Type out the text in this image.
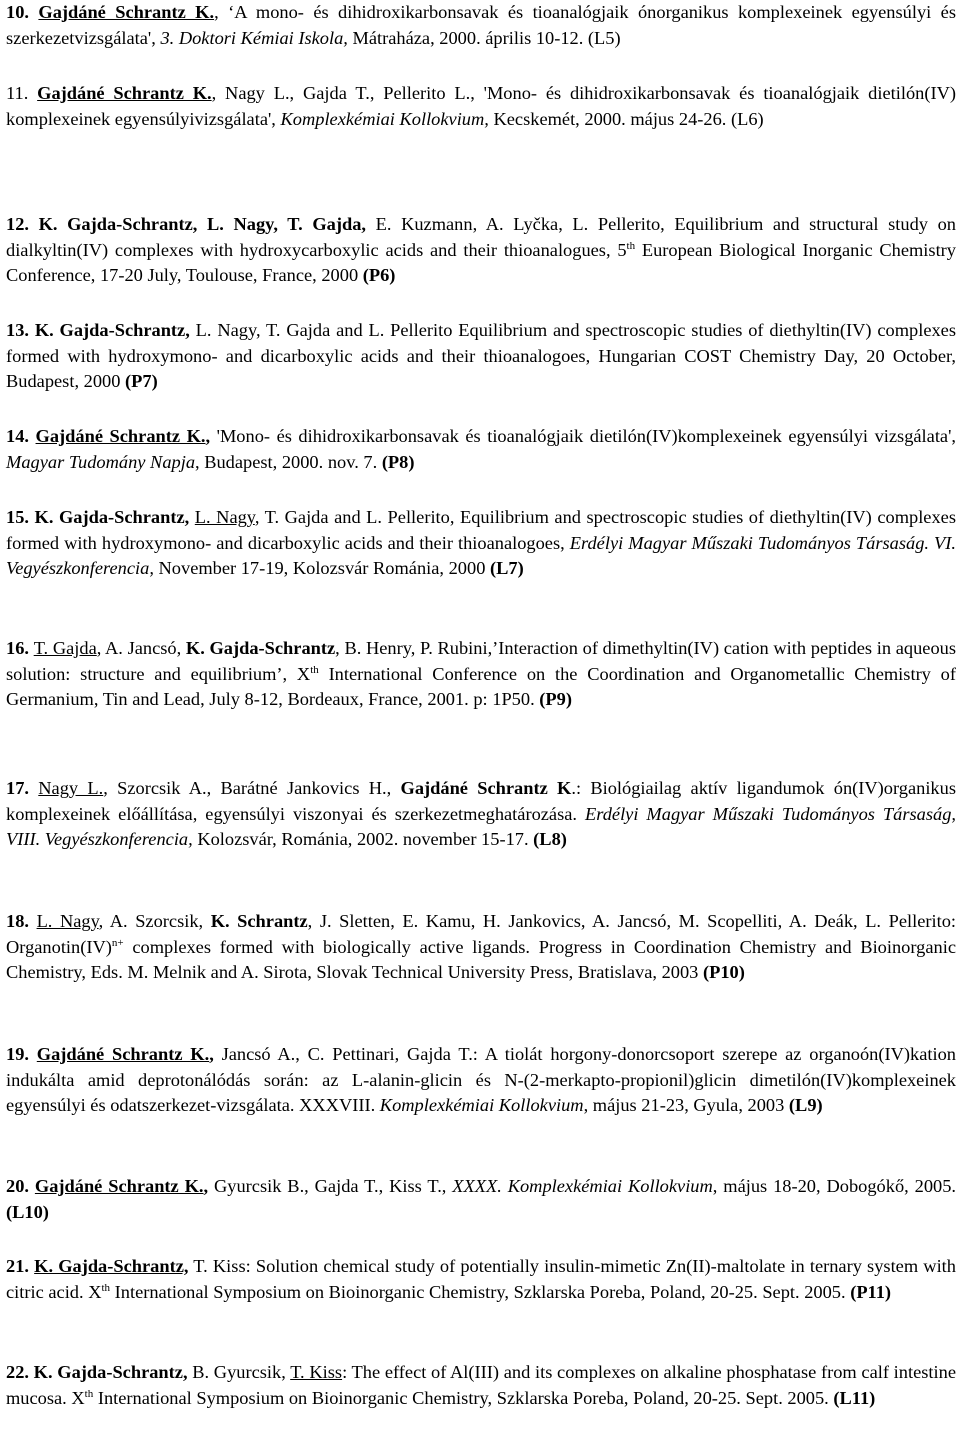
10. Gajdáné Schrantz K., ‘A mono- és dihidroxikarbonsavak és tioanalógjaik ónorganikus komplexeinek egyensúlyi és szerkezetvizsgálata', 3. Doktori Kémiai Iskola, Mátraháza, 2000. április 10-12. (L5)
11. Gajdáné Schrantz K., Nagy L., Gajda T., Pellerito L., 'Mono- és dihidroxikarbonsavak és tioanalógjaik dietilón(IV) komplexeinek egyensúlyivizsgálata', Komplexkémiai Kollokvium, Kecskemét, 2000. május 24-26. (L6)
12. K. Gajda-Schrantz, L. Nagy, T. Gajda, E. Kuzmann, A. Lyčka, L. Pellerito, Equilibrium and structural study on dialkyltin(IV) complexes with hydroxycarboxylic acids and their thioanalogues, 5th European Biological Inorganic Chemistry Conference, 17-20 July, Toulouse, France, 2000 (P6)
13. K. Gajda-Schrantz, L. Nagy, T. Gajda and L. Pellerito Equilibrium and spectroscopic studies of diethyltin(IV) complexes formed with hydroxymono- and dicarboxylic acids and their thioanalogoes, Hungarian COST Chemistry Day, 20 October, Budapest, 2000 (P7)
14. Gajdáné Schrantz K., 'Mono- és dihidroxikarbonsavak és tioanalógjaik dietilón(IV)komplexeinek egyensúlyi vizsgálata', Magyar Tudomány Napja, Budapest, 2000. nov. 7. (P8)
15. K. Gajda-Schrantz, L. Nagy, T. Gajda and L. Pellerito, Equilibrium and spectroscopic studies of diethyltin(IV) complexes formed with hydroxymono- and dicarboxylic acids and their thioanalogoes, Erdélyi Magyar Műszaki Tudományos Társaság. VI. Vegyészkonferencia, November 17-19, Kolozsvár Románia, 2000 (L7)
16. T. Gajda, A. Jancsó, K. Gajda-Schrantz, B. Henry, P. Rubini,’Interaction of dimethyltin(IV) cation with peptides in aqueous solution: structure and equilibrium’, Xth International Conference on the Coordination and Organometallic Chemistry of Germanium, Tin and Lead, July 8-12, Bordeaux, France, 2001. p: 1P50. (P9)
17. Nagy L., Szorcsik A., Barátné Jankovics H., Gajdáné Schrantz K.: Biológiailag aktív ligandumok ón(IV)organikus komplexeinek előállítása, egyensúlyi viszonyai és szerkezetmeghatározása. Erdélyi Magyar Műszaki Tudományos Társaság, VIII. Vegyészkonferencia, Kolozsvár, Románia, 2002. november 15-17. (L8)
18. L. Nagy, A. Szorcsik, K. Schrantz, J. Sletten, E. Kamu, H. Jankovics, A. Jancsó, M. Scopelliti, A. Deák, L. Pellerito: Organotin(IV)$^{n+}$ complexes formed with biologically active ligands. Progress in Coordination Chemistry and Bioinorganic Chemistry, Eds. M. Melnik and A. Sirota, Slovak Technical University Press, Bratislava, 2003 (P10)
19. Gajdáné Schrantz K., Jancsó A., C. Pettinari, Gajda T.: A tiolát horgony-donorcsoport szerepe az organoón(IV)kation indukálta amid deprotonálódás során: az L-alanin-glicin és N-(2-merkapto-propionil)glicin dimetilón(IV)komplexeinek egyensúlyi és odatszerkezet-vizsgálata. XXXVIII. Komplexkémiai Kollokvium, május 21-23, Gyula, 2003 (L9)
20. Gajdáné Schrantz K., Gyurcsik B., Gajda T., Kiss T., XXXX. Komplexkémiai Kollokvium, május 18-20, Dobogókő, 2005. (L10)
21. K. Gajda-Schrantz, T. Kiss: Solution chemical study of potentially insulin-mimetic Zn(II)-maltolate in ternary system with citric acid. Xth International Symposium on Bioinorganic Chemistry, Szklarska Poreba, Poland, 20-25. Sept. 2005. (P11)
22. K. Gajda-Schrantz, B. Gyurcsik, T. Kiss: The effect of Al(III) and its complexes on alkaline phosphatase from calf intestine mucosa. Xth International Symposium on Bioinorganic Chemistry, Szklarska Poreba, Poland, 20-25. Sept. 2005. (L11)
